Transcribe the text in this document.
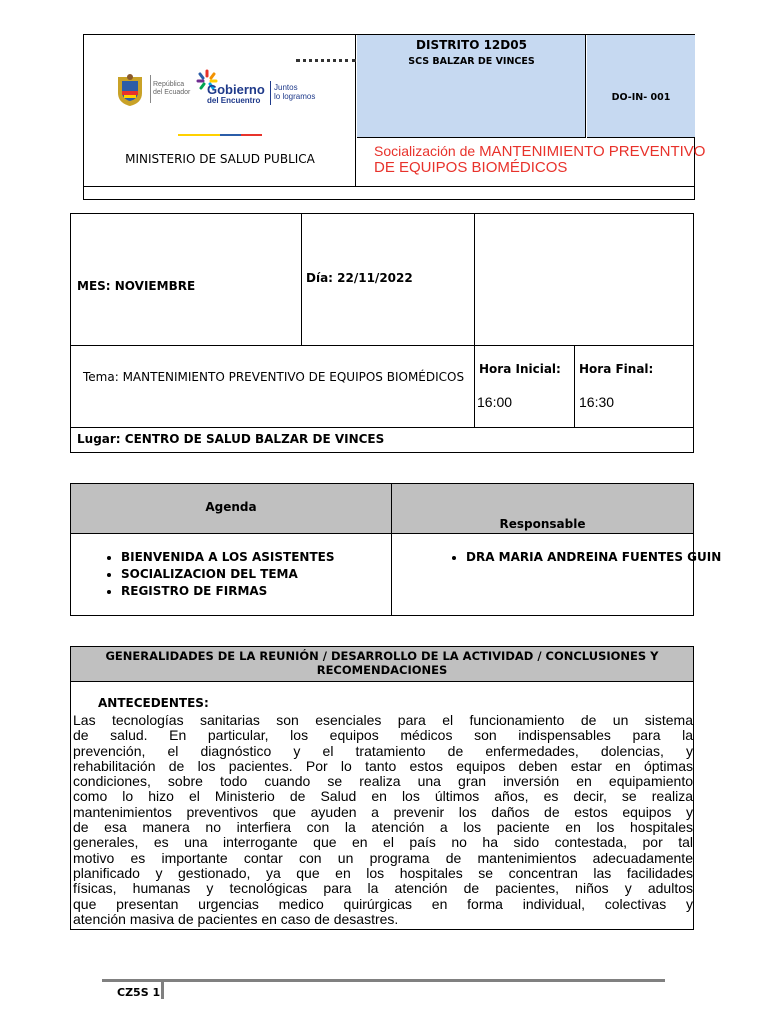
República
del Ecuador Gobierno
del Encuentro
Juntos
lo logramos
MINISTERIO DE SALUD PUBLICA
DISTRITO 12D05
SCS BALZAR DE VINCES
DO-IN- 001
Socialización de MANTENIMIENTO PREVENTIVO
DE EQUIPOS BIOMÉDICOS
MES: NOVIEMBRE
Día: 22/11/2022
Tema: MANTENIMIENTO PREVENTIVO DE EQUIPOS BIOMÉDICOS
Hora Inicial:
16:00
Hora Final:
16:30
Lugar: CENTRO DE SALUD BALZAR DE VINCES
Agenda
Responsable
• BIENVENIDA A LOS ASISTENTES
• SOCIALIZACION DEL TEMA
• REGISTRO DE FIRMAS
• DRA MARIA ANDREINA FUENTES GUIN
GENERALIDADES DE LA REUNIÓN / DESARROLLO DE LA ACTIVIDAD / CONCLUSIONES Y
RECOMENDACIONES
ANTECEDENTES:
Las tecnologías sanitarias son esenciales para el funcionamiento de un sistema
de salud. En particular, los equipos médicos son indispensables para la
prevención, el diagnóstico y el tratamiento de enfermedades, dolencias, y
rehabilitación de los pacientes. Por lo tanto estos equipos deben estar en óptimas
condiciones, sobre todo cuando se realiza una gran inversión en equipamiento
como lo hizo el Ministerio de Salud en los últimos años, es decir, se realiza
mantenimientos preventivos que ayuden a prevenir los daños de estos equipos y
de esa manera no interfiera con la atención a los paciente en los hospitales
generales, es una interrogante que en el país no ha sido contestada, por tal
motivo es importante contar con un programa de mantenimientos adecuadamente
planificado y gestionado, ya que en los hospitales se concentran las facilidades
físicas, humanas y tecnológicas para la atención de pacientes, niños y adultos
que presentan urgencias medico quirúrgicas en forma individual, colectivas y
atención masiva de pacientes en caso de desastres.
CZ5S 1
